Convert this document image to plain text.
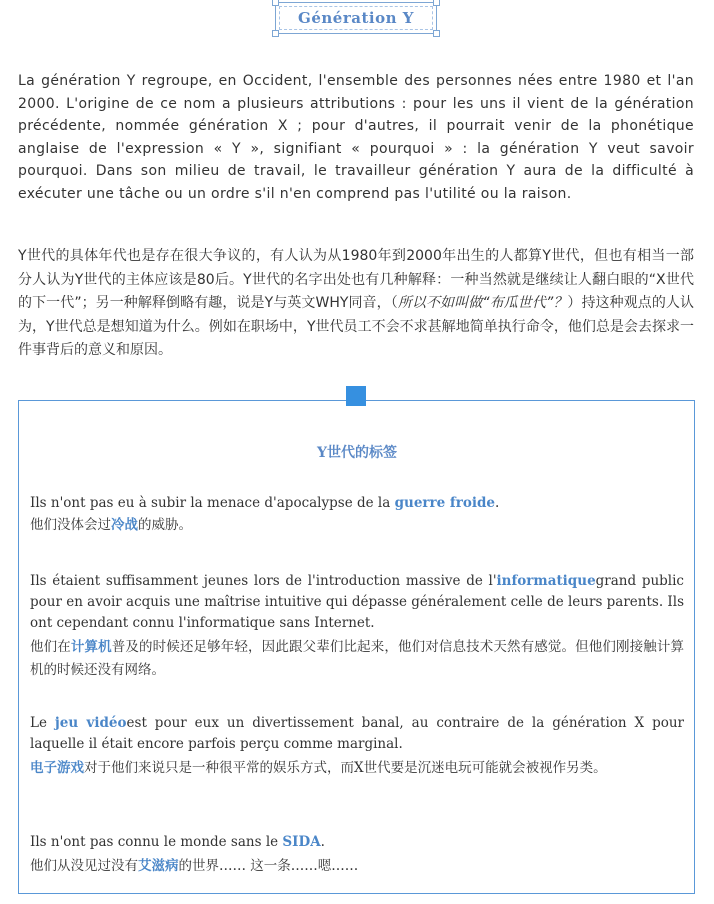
Génération Y

La génération Y regroupe, en Occident, l'ensemble des personnes nées entre 1980 et l'an 2000. L'origine de ce nom a plusieurs attributions : pour les uns il vient de la génération précédente, nommée génération X ; pour d'autres, il pourrait venir de la phonétique anglaise de l'expression « Y », signifiant « pourquoi » : la génération Y veut savoir pourquoi. Dans son milieu de travail, le travailleur génération Y aura de la difficulté à exécuter une tâche ou un ordre s'il n'en comprend pas l'utilité ou la raison.

Y世代的具体年代也是存在很大争议的，有人认为从1980年到2000年出生的人都算Y世代，但也有相当一部分人认为Y世代的主体应该是80后。Y世代的名字出处也有几种解释：一种当然就是继续让人翻白眼的“X世代的下一代”；另一种解释倒略有趣，说是Y与英文WHY同音，（所以不如叫做“布瓜世代”？）持这种观点的人认为，Y世代总是想知道为什么。例如在职场中，Y世代员工不会不求甚解地简单执行命令，他们总是会去探求一件事背后的意义和原因。

Y世代的标签

Ils n'ont pas eu à subir la menace d'apocalypse de la guerre froide.

他们没体会过冷战的威胁。

Ils étaient suffisamment jeunes lors de l'introduction massive de l'informatiquegrand public pour en avoir acquis une maîtrise intuitive qui dépasse généralement celle de leurs parents. Ils ont cependant connu l'informatique sans Internet.

他们在计算机普及的时候还足够年轻，因此跟父辈们比起来，他们对信息技术天然有感觉。但他们刚接触计算机的时候还没有网络。

Le jeu vidéoest pour eux un divertissement banal, au contraire de la génération X pour laquelle il était encore parfois perçu comme marginal.

电子游戏对于他们来说只是一种很平常的娱乐方式，而X世代要是沉迷电玩可能就会被视作另类。

Ils n'ont pas connu le monde sans le SIDA.

他们从没见过没有艾滋病的世界…… 这一条……嗯……
